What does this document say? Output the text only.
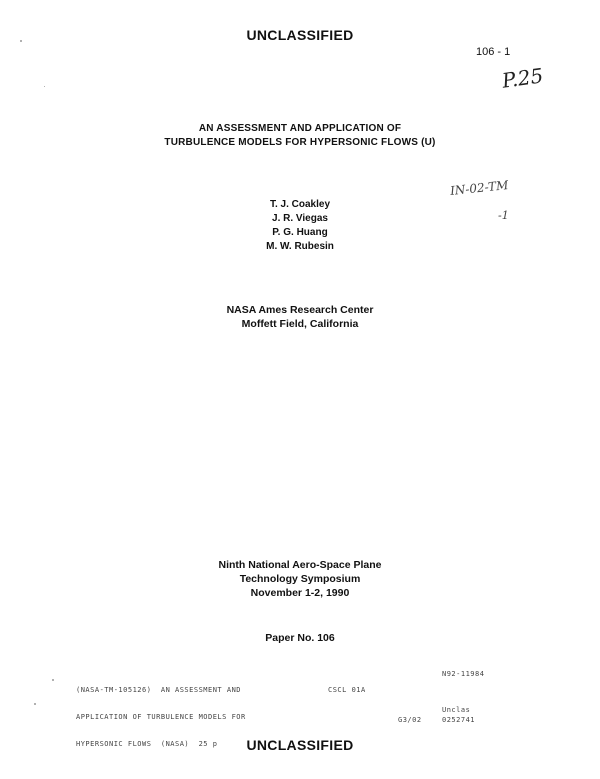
UNCLASSIFIED
106 - 1
P.25
AN ASSESSMENT AND APPLICATION OF
TURBULENCE MODELS FOR HYPERSONIC FLOWS (U)
IN-02-TM
-1
T. J. Coakley
J. R. Viegas
P. G. Huang
M. W. Rubesin
NASA Ames Research Center
Moffett Field, California
Ninth National Aero-Space Plane
Technology Symposium
November 1-2, 1990
Paper No. 106

(NASA-TM-105126)  AN ASSESSMENT AND

APPLICATION OF TURBULENCE MODELS FOR

HYPERSONIC FLOWS  (NASA)  25 p

CSCL 01A
N92-11984
Unclas
G3/02	0252741
UNCLASSIFIED
